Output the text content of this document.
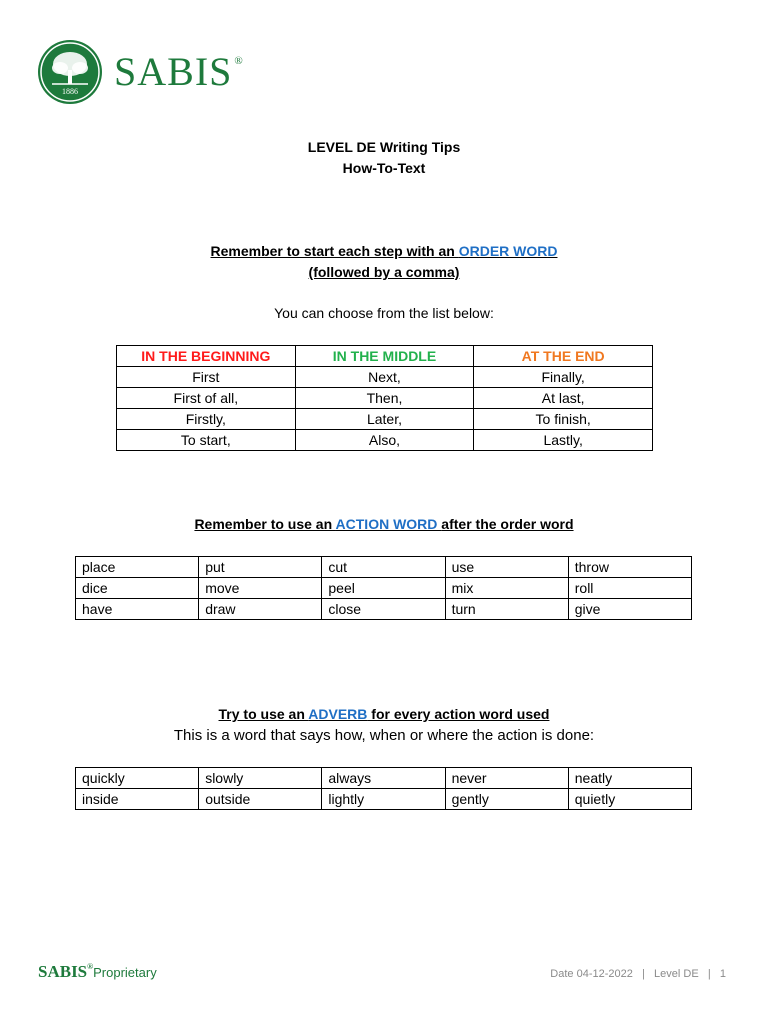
1886 SABIS ®
LEVEL DE Writing Tips
How-To-Text
Remember to start each step with an ORDER WORD
(followed by a comma)
You can choose from the list below:
IN THE BEGINNING	IN THE MIDDLE	AT THE END
First	Next,	Finally,
First of all,	Then,	At last,
Firstly,	Later,	To finish,
To start,	Also,	Lastly,
Remember to use an ACTION WORD after the order word
place	put	cut	use	throw
dice	move	peel	mix	roll
have	draw	close	turn	give
Try to use an ADVERB for every action word used
This is a word that says how, when or where the action is done:
quickly	slowly	always	never	neatly
inside	outside	lightly	gently	quietly
SABIS®Proprietary	Date 04-12-2022   |   Level DE   |   1
